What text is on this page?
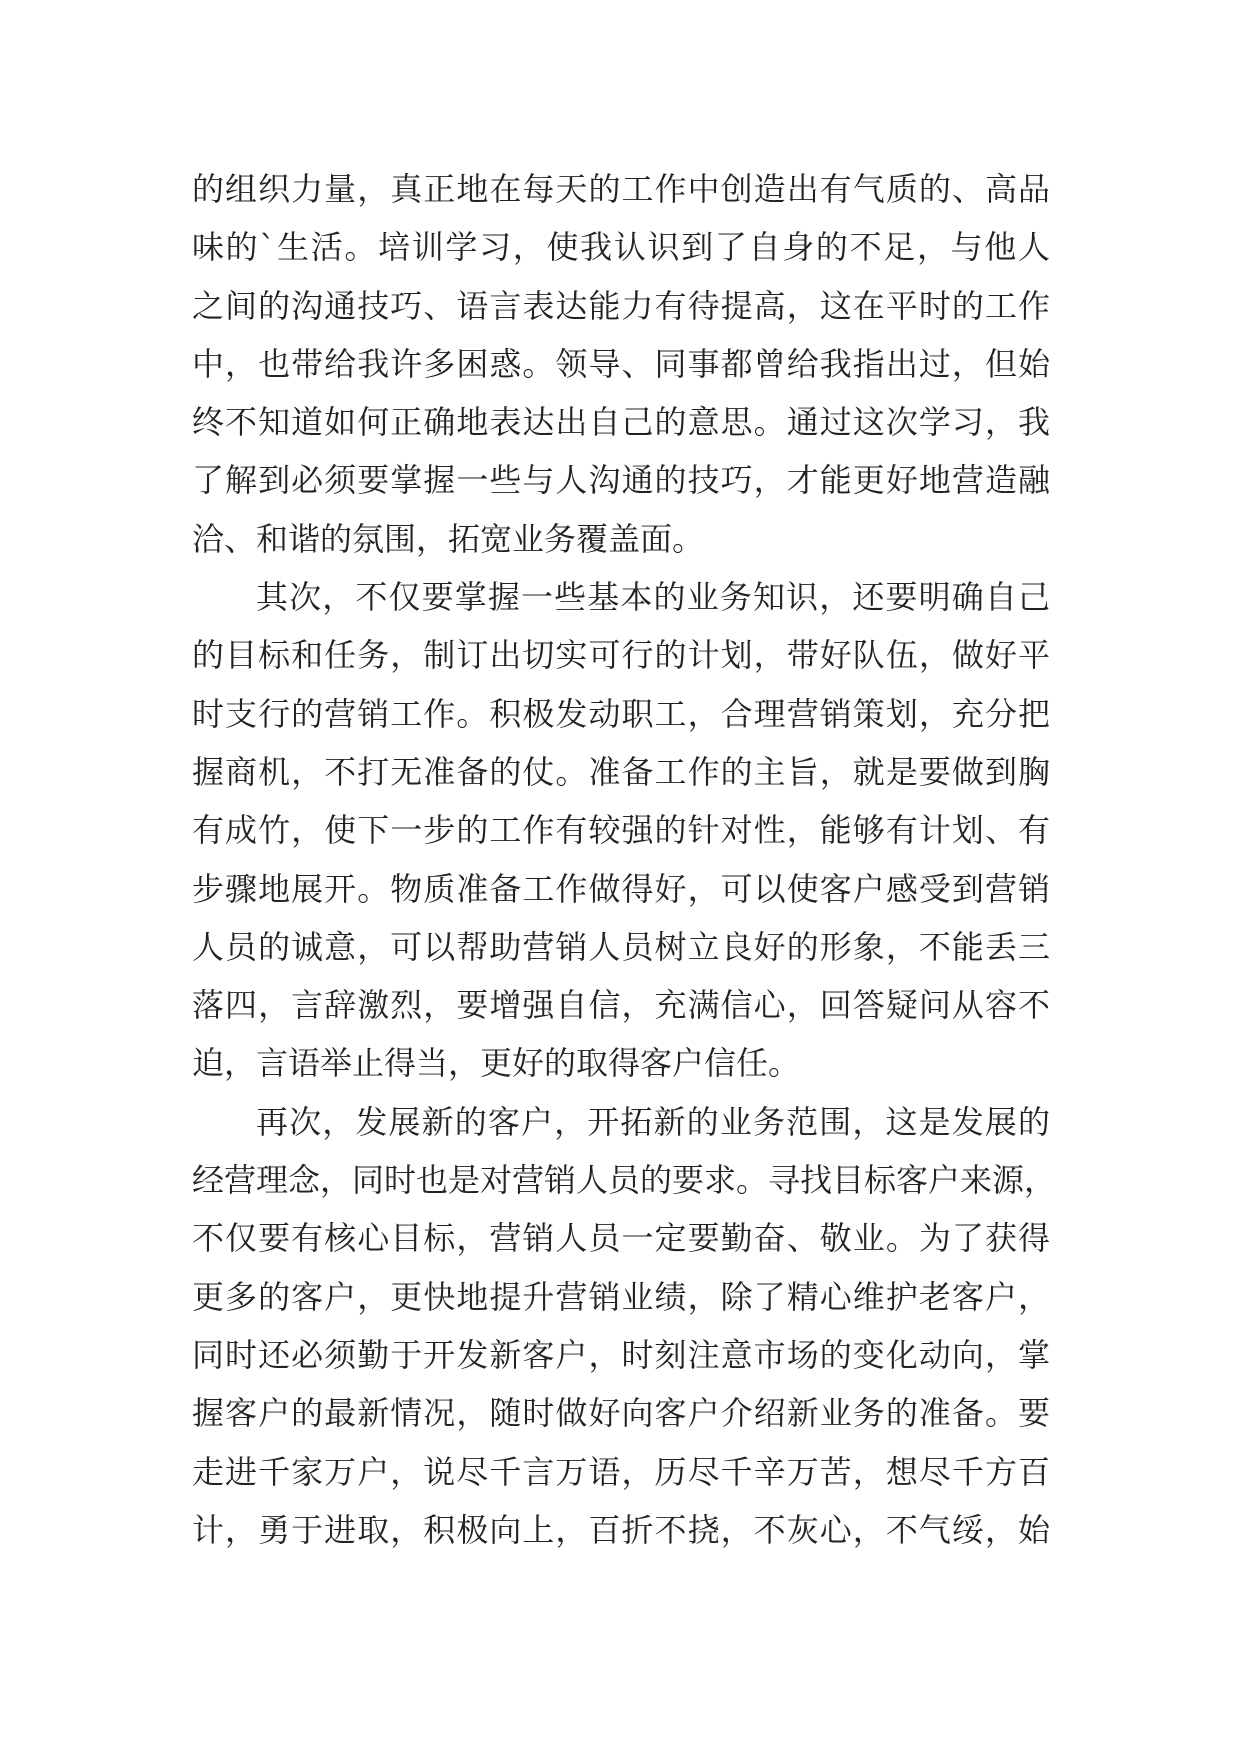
的组织力量，真正地在每天的工作中创造出有气质的、高品
味的`生活。培训学习，使我认识到了自身的不足，与他人
之间的沟通技巧、语言表达能力有待提高，这在平时的工作
中，也带给我许多困惑。领导、同事都曾给我指出过，但始
终不知道如何正确地表达出自己的意思。通过这次学习，我
了解到必须要掌握一些与人沟通的技巧，才能更好地营造融
洽、和谐的氛围，拓宽业务覆盖面。
其次，不仅要掌握一些基本的业务知识，还要明确自己
的目标和任务，制订出切实可行的计划，带好队伍，做好平
时支行的营销工作。积极发动职工，合理营销策划，充分把
握商机，不打无准备的仗。准备工作的主旨，就是要做到胸
有成竹，使下一步的工作有较强的针对性，能够有计划、有
步骤地展开。物质准备工作做得好，可以使客户感受到营销
人员的诚意，可以帮助营销人员树立良好的形象，不能丢三
落四，言辞激烈，要增强自信，充满信心，回答疑问从容不
迫，言语举止得当，更好的取得客户信任。
再次，发展新的客户，开拓新的业务范围，这是发展的
经营理念，同时也是对营销人员的要求。寻找目标客户来源，
不仅要有核心目标，营销人员一定要勤奋、敬业。为了获得
更多的客户，更快地提升营销业绩，除了精心维护老客户，
同时还必须勤于开发新客户，时刻注意市场的变化动向，掌
握客户的最新情况，随时做好向客户介绍新业务的准备。要
走进千家万户，说尽千言万语，历尽千辛万苦，想尽千方百
计，勇于进取，积极向上，百折不挠，不灰心，不气绥，始
